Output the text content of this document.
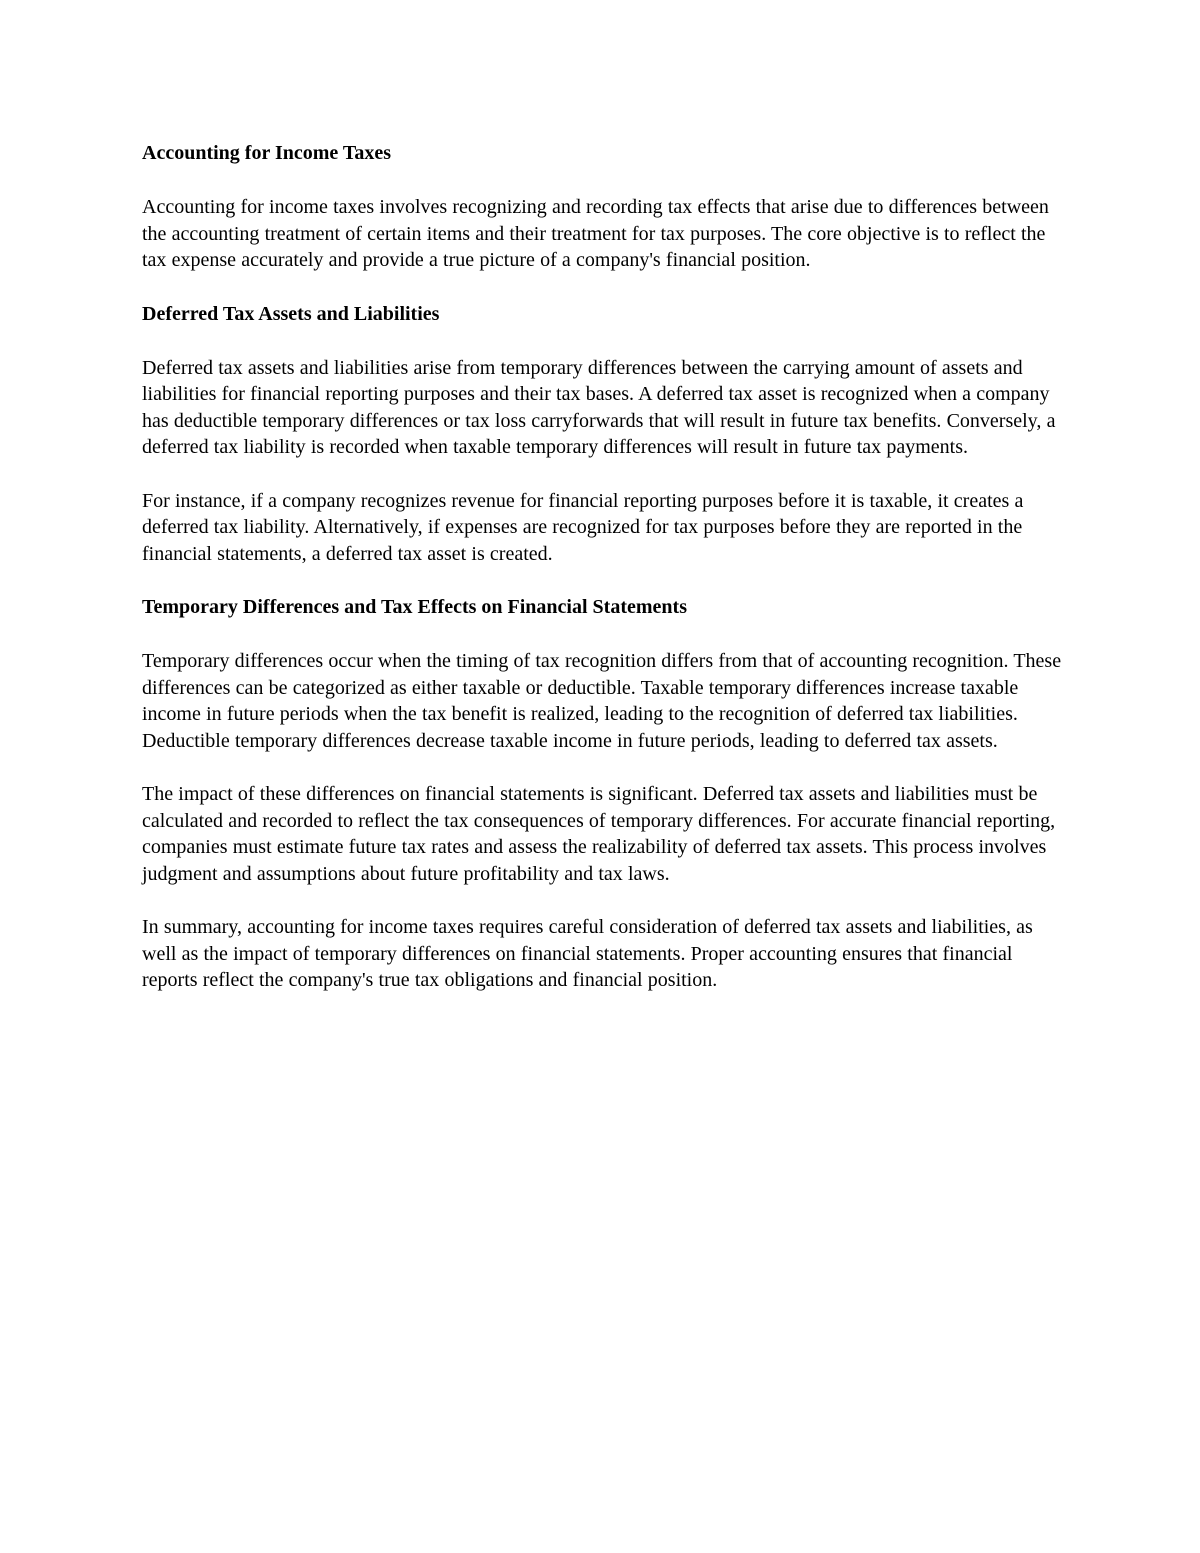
Accounting for Income Taxes
Accounting for income taxes involves recognizing and recording tax effects that arise due to differences between the accounting treatment of certain items and their treatment for tax purposes. The core objective is to reflect the tax expense accurately and provide a true picture of a company's financial position.
Deferred Tax Assets and Liabilities
Deferred tax assets and liabilities arise from temporary differences between the carrying amount of assets and liabilities for financial reporting purposes and their tax bases. A deferred tax asset is recognized when a company has deductible temporary differences or tax loss carryforwards that will result in future tax benefits. Conversely, a deferred tax liability is recorded when taxable temporary differences will result in future tax payments.
For instance, if a company recognizes revenue for financial reporting purposes before it is taxable, it creates a deferred tax liability. Alternatively, if expenses are recognized for tax purposes before they are reported in the financial statements, a deferred tax asset is created.
Temporary Differences and Tax Effects on Financial Statements
Temporary differences occur when the timing of tax recognition differs from that of accounting recognition. These differences can be categorized as either taxable or deductible. Taxable temporary differences increase taxable income in future periods when the tax benefit is realized, leading to the recognition of deferred tax liabilities. Deductible temporary differences decrease taxable income in future periods, leading to deferred tax assets.
The impact of these differences on financial statements is significant. Deferred tax assets and liabilities must be calculated and recorded to reflect the tax consequences of temporary differences. For accurate financial reporting, companies must estimate future tax rates and assess the realizability of deferred tax assets. This process involves judgment and assumptions about future profitability and tax laws.
In summary, accounting for income taxes requires careful consideration of deferred tax assets and liabilities, as well as the impact of temporary differences on financial statements. Proper accounting ensures that financial reports reflect the company's true tax obligations and financial position.
